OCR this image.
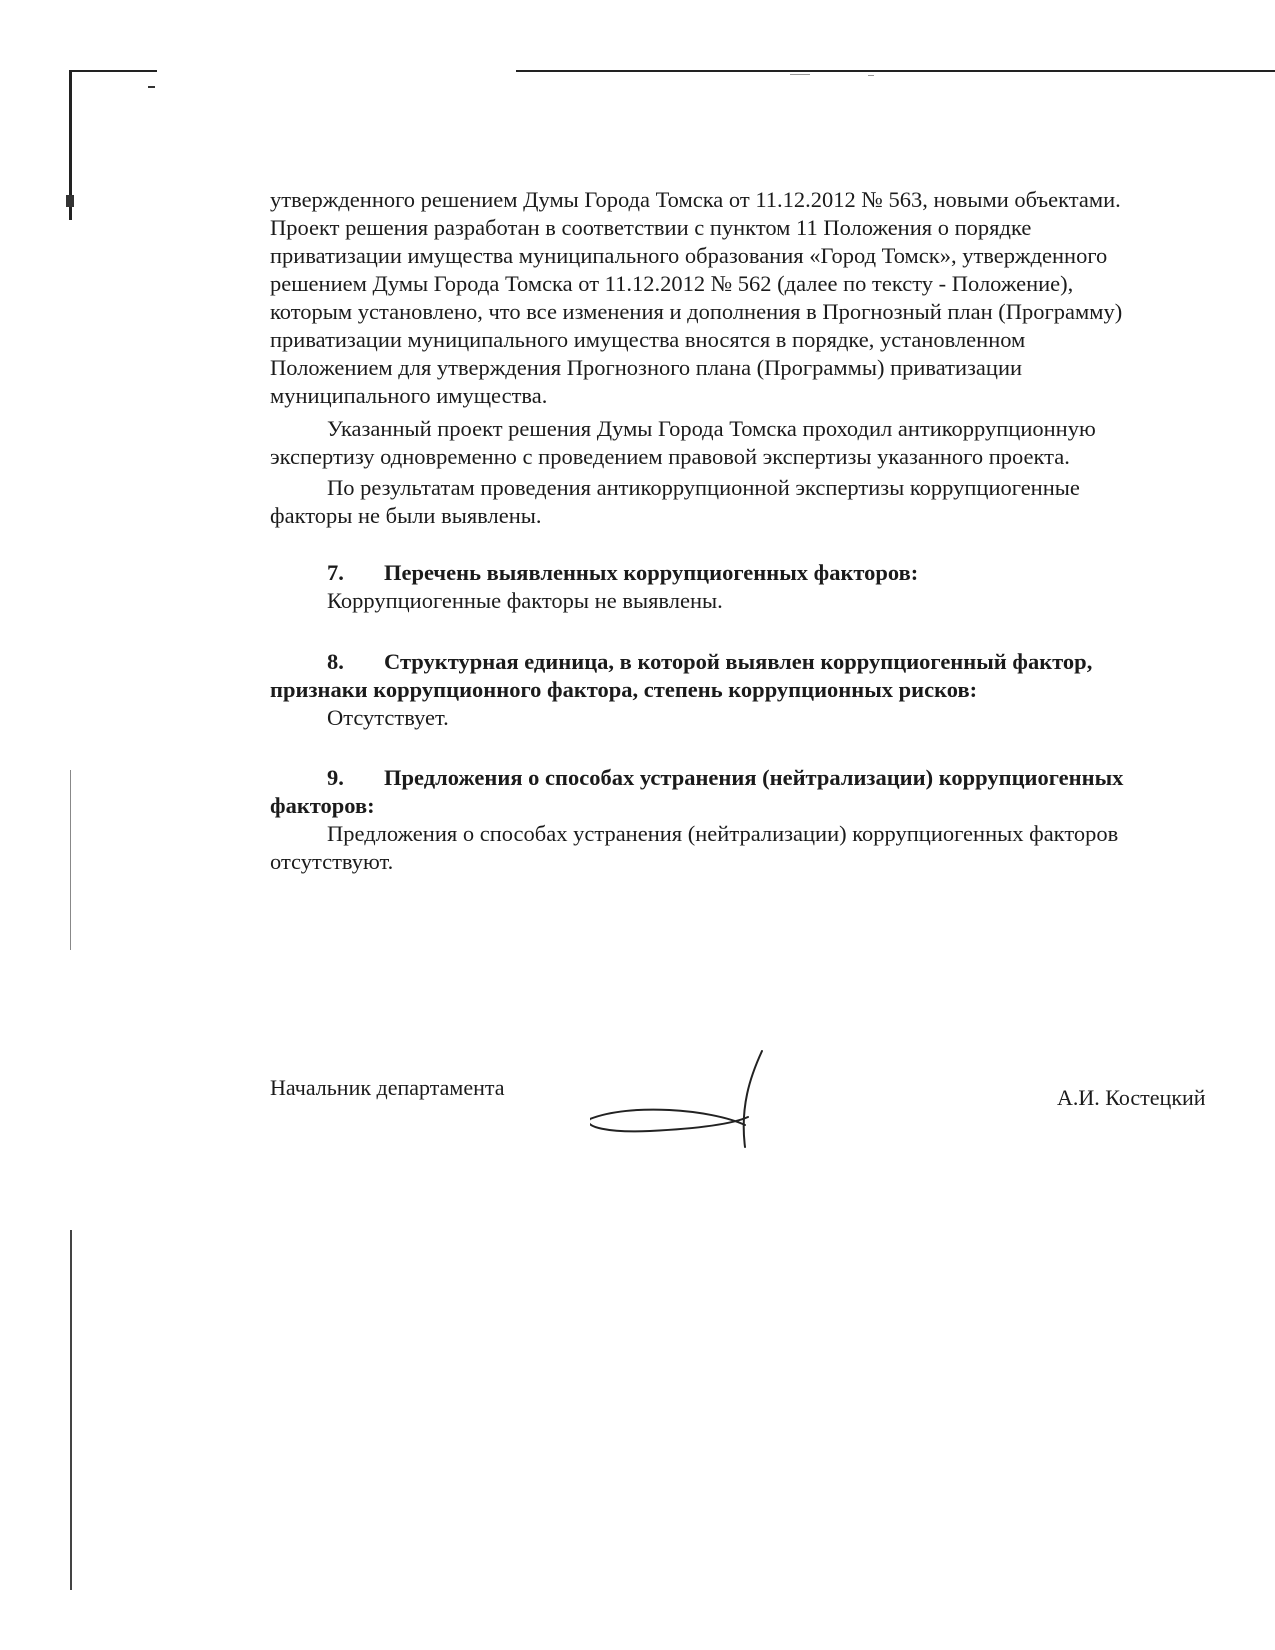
утвержденного решением Думы Города Томска от 11.12.2012 № 563, новыми объектами.
Проект решения разработан в соответствии с пунктом 11 Положения о порядке
приватизации имущества муниципального образования «Город Томск», утвержденного
решением Думы Города Томска от 11.12.2012 № 562 (далее по тексту - Положение),
которым установлено, что все изменения и дополнения в Прогнозный план (Программу)
приватизации муниципального имущества вносятся в порядке, установленном
Положением для утверждения Прогнозного плана (Программы) приватизации
муниципального имущества.
Указанный проект решения Думы Города Томска проходил антикоррупционную
экспертизу одновременно с проведением правовой экспертизы указанного проекта.
По результатам проведения антикоррупционной экспертизы коррупциогенные
факторы не были выявлены.
7. Перечень выявленных коррупциогенных факторов:
Коррупциогенные факторы не выявлены.
8. Структурная единица, в которой выявлен коррупциогенный фактор,
признаки коррупционного фактора, степень коррупционных рисков:
Отсутствует.
9. Предложения о способах устранения (нейтрализации) коррупциогенных
факторов:
Предложения о способах устранения (нейтрализации) коррупциогенных факторов
отсутствуют.
Начальник департамента	А.И. Костецкий
